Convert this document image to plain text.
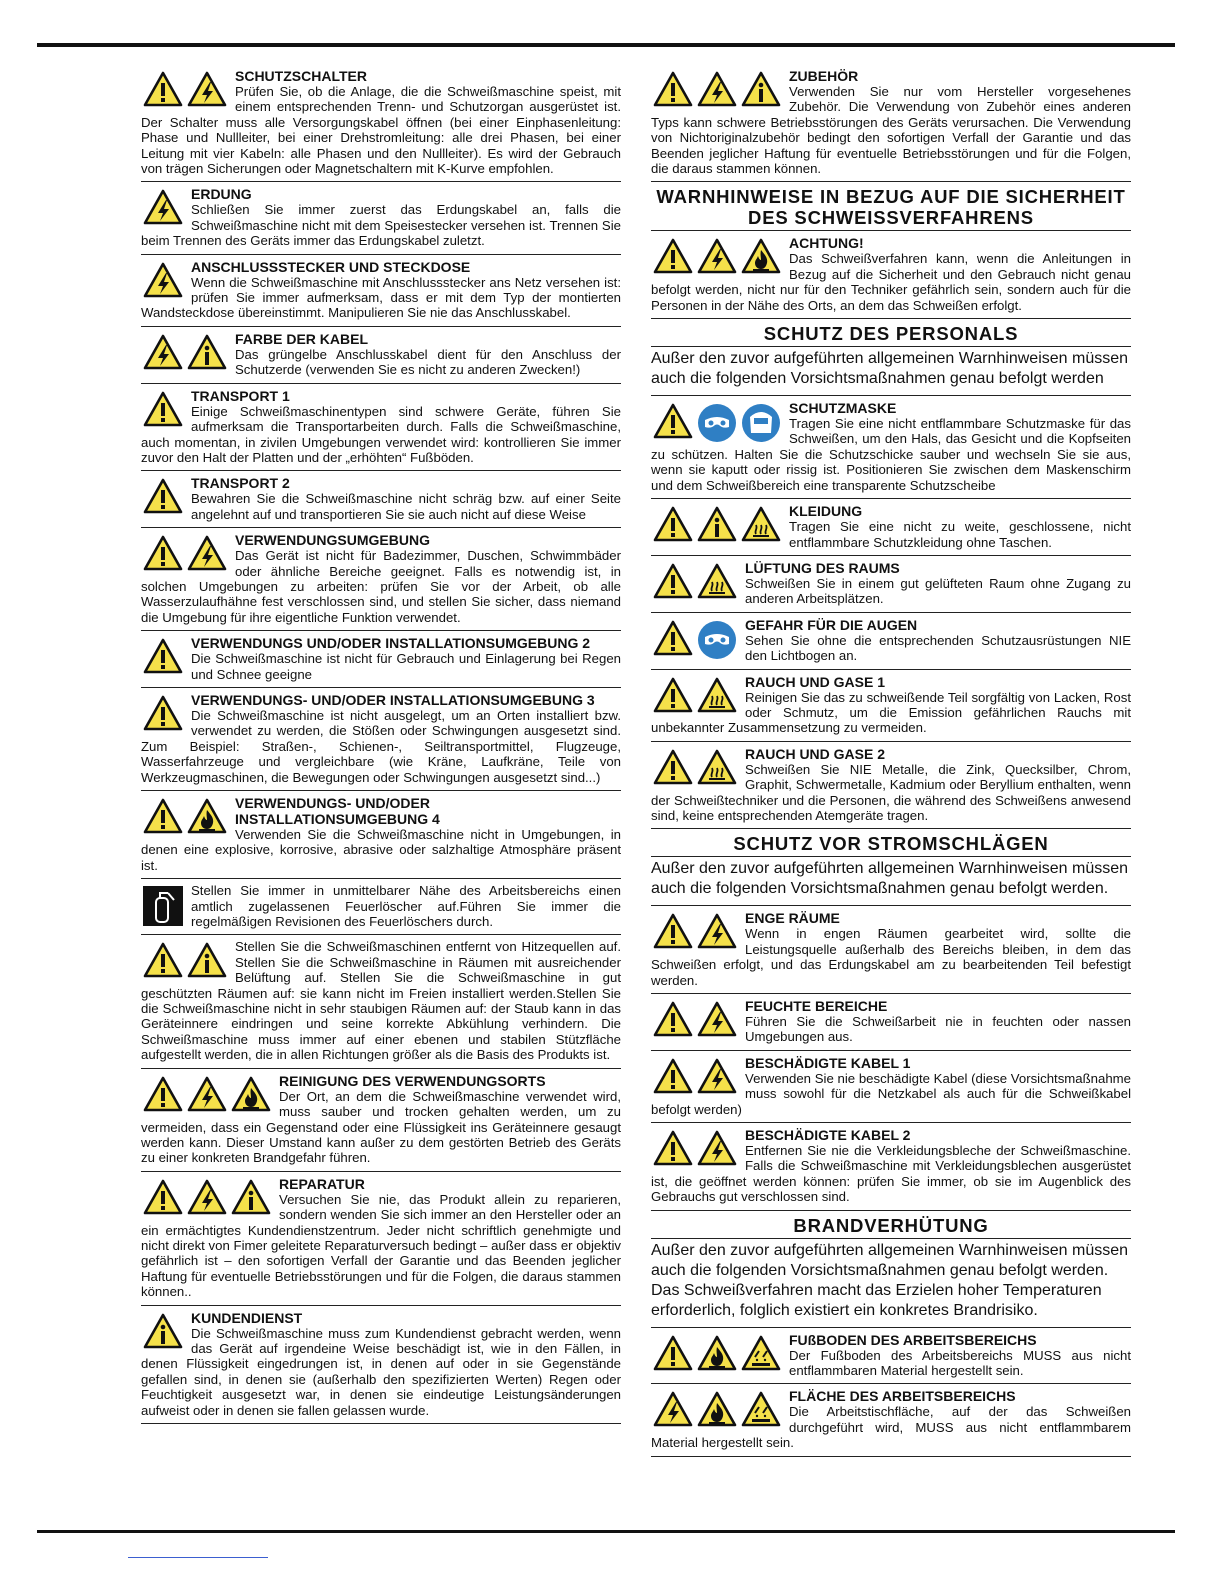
SCHUTZSCHALTER
Prüfen Sie, ob die Anlage, die die Schweißmaschine speist, mit einem entsprechenden Trenn- und Schutzorgan ausgerüstet ist. Der Schalter muss alle Versorgungskabel öffnen (bei einer Einphasenleitung: Phase und Nullleiter, bei einer Drehstromleitung: alle drei Phasen, bei einer Leitung mit vier Kabeln: alle Phasen und den Nullleiter). Es wird der Gebrauch von trägen Sicherungen oder Magnetschaltern mit K-Kurve empfohlen.
ERDUNG
Schließen Sie immer zuerst das Erdungskabel an, falls die Schweißmaschine nicht mit dem Speisestecker versehen ist. Trennen Sie beim Trennen des Geräts immer das Erdungskabel zuletzt.
ANSCHLUSSSTECKER UND STECKDOSE
Wenn die Schweißmaschine mit Anschlussstecker ans Netz versehen ist: prüfen Sie immer aufmerksam, dass er mit dem Typ der montierten Wandsteckdose übereinstimmt. Manipulieren Sie nie das Anschlusskabel.
FARBE DER KABEL
Das grüngelbe Anschlusskabel dient für den Anschluss der Schutzerde (verwenden Sie es nicht zu anderen Zwecken!)
TRANSPORT 1
Einige Schweißmaschinentypen sind schwere Geräte, führen Sie aufmerksam die Transportarbeiten durch. Falls die Schweißmaschine, auch momentan, in zivilen Umgebungen verwendet wird: kontrollieren Sie immer zuvor den Halt der Platten und der „erhöhten“ Fußböden.
TRANSPORT 2
Bewahren Sie die Schweißmaschine nicht schräg bzw. auf einer Seite angelehnt auf und transportieren Sie sie auch nicht auf diese Weise
VERWENDUNGSUMGEBUNG
Das Gerät ist nicht für Badezimmer, Duschen, Schwimmbäder oder ähnliche Bereiche geeignet. Falls es notwendig ist, in solchen Umgebungen zu arbeiten: prüfen Sie vor der Arbeit, ob alle Wasserzulaufhähne fest verschlossen sind, und stellen Sie sicher, dass niemand die Umgebung für ihre eigentliche Funktion verwendet.
VERWENDUNGS UND/ODER INSTALLATIONSUMGEBUNG 2
Die Schweißmaschine ist nicht für Gebrauch und Einlagerung bei Regen und Schnee geeigne
VERWENDUNGS- UND/ODER INSTALLATIONSUMGEBUNG 3
Die Schweißmaschine ist nicht ausgelegt, um an Orten installiert bzw. verwendet zu werden, die Stößen oder Schwingungen ausgesetzt sind. Zum Beispiel: Straßen-, Schienen-, Seiltransportmittel, Flugzeuge, Wasserfahrzeuge und vergleichbare (wie Kräne, Laufkräne, Teile von Werkzeugmaschinen, die Bewegungen oder Schwingungen ausgesetzt sind...)
VERWENDUNGS- UND/ODER INSTALLATIONSUMGEBUNG 4
Verwenden Sie die Schweißmaschine nicht in Umgebungen, in denen eine explosive, korrosive, abrasive oder salzhaltige Atmosphäre präsent ist.
Stellen Sie immer in unmittelbarer Nähe des Arbeitsbereichs einen amtlich zugelassenen Feuerlöscher auf.Führen Sie immer die regelmäßigen Revisionen des Feuerlöschers durch.
Stellen Sie die Schweißmaschinen entfernt von Hitzequellen auf. Stellen Sie die Schweißmaschine in Räumen mit ausreichender Belüftung auf. Stellen Sie die Schweißmaschine in gut geschützten Räumen auf: sie kann nicht im Freien installiert werden.Stellen Sie die Schweißmaschine nicht in sehr staubigen Räumen auf: der Staub kann in das Geräteinnere eindringen und seine korrekte Abkühlung verhindern. Die Schweißmaschine muss immer auf einer ebenen und stabilen Stützfläche aufgestellt werden, die in allen Richtungen größer als die Basis des Produkts ist.
REINIGUNG DES VERWENDUNGSORTS
Der Ort, an dem die Schweißmaschine verwendet wird, muss sauber und trocken gehalten werden, um zu vermeiden, dass ein Gegenstand oder eine Flüssigkeit ins Geräteinnere gesaugt werden kann. Dieser Umstand kann außer zu dem gestörten Betrieb des Geräts zu einer konkreten Brandgefahr führen.
REPARATUR
Versuchen Sie nie, das Produkt allein zu reparieren, sondern wenden Sie sich immer an den Hersteller oder an ein ermächtigtes Kundendienstzentrum. Jeder nicht schriftlich genehmigte und nicht direkt von Fimer geleitete Reparaturversuch bedingt – außer dass er objektiv gefährlich ist – den sofortigen Verfall der Garantie und das Beenden jeglicher Haftung für eventuelle Betriebsstörungen und für die Folgen, die daraus stammen können..
KUNDENDIENST
Die Schweißmaschine muss zum Kundendienst gebracht werden, wenn das Gerät auf irgendeine Weise beschädigt ist, wie in den Fällen, in denen Flüssigkeit eingedrungen ist, in denen auf oder in sie Gegenstände gefallen sind, in denen sie (außerhalb den spezifizierten Werten) Regen oder Feuchtigkeit ausgesetzt war, in denen sie eindeutige Leistungsänderungen aufweist oder in denen sie fallen gelassen wurde.
ZUBEHÖR
Verwenden Sie nur vom Hersteller vorgesehenes Zubehör. Die Verwendung von Zubehör eines anderen Typs kann schwere Betriebsstörungen des Geräts verursachen. Die Verwendung von Nichtoriginalzubehör bedingt den sofortigen Verfall der Garantie und das Beenden jeglicher Haftung für eventuelle Betriebsstörungen und für die Folgen, die daraus stammen können.
WARNHINWEISE IN BEZUG AUF DIE SICHERHEIT DES SCHWEISSVERFAHRENS
ACHTUNG!
Das Schweißverfahren kann, wenn die Anleitungen in Bezug auf die Sicherheit und den Gebrauch nicht genau befolgt werden, nicht nur für den Techniker gefährlich sein, sondern auch für die Personen in der Nähe des Orts, an dem das Schweißen erfolgt.
SCHUTZ DES PERSONALS
Außer den zuvor aufgeführten allgemeinen Warnhinweisen müssen auch die folgenden Vorsichtsmaßnahmen genau befolgt werden
SCHUTZMASKE
Tragen Sie eine nicht entflammbare Schutzmaske für das Schweißen, um den Hals, das Gesicht und die Kopfseiten zu schützen. Halten Sie die Schutzschicke sauber und wechseln Sie sie aus, wenn sie kaputt oder rissig ist. Positionieren Sie zwischen dem Maskenschirm und dem Schweißbereich eine transparente Schutzscheibe
KLEIDUNG
Tragen Sie eine nicht zu weite, geschlossene, nicht entflammbare Schutzkleidung ohne Taschen.
LÜFTUNG DES RAUMS
Schweißen Sie in einem gut gelüfteten Raum ohne Zugang zu anderen Arbeitsplätzen.
GEFAHR FÜR DIE AUGEN
Sehen Sie ohne die entsprechenden Schutzausrüstungen NIE den Lichtbogen an.
RAUCH UND GASE 1
Reinigen Sie das zu schweißende Teil sorgfältig von Lacken, Rost oder Schmutz, um die Emission gefährlichen Rauchs mit unbekannter Zusammensetzung zu vermeiden.
RAUCH UND GASE 2
Schweißen Sie NIE Metalle, die Zink, Quecksilber, Chrom, Graphit, Schwermetalle, Kadmium oder Beryllium enthalten, wenn der Schweißtechniker und die Personen, die während des Schweißens anwesend sind, keine entsprechenden Atemgeräte tragen.
SCHUTZ VOR STROMSCHLÄGEN
Außer den zuvor aufgeführten allgemeinen Warnhinweisen müssen auch die folgenden Vorsichtsmaßnahmen genau befolgt werden.
ENGE RÄUME
Wenn in engen Räumen gearbeitet wird, sollte die Leistungsquelle außerhalb des Bereichs bleiben, in dem das Schweißen erfolgt, und das Erdungskabel am zu bearbeitenden Teil befestigt werden.
FEUCHTE BEREICHE
Führen Sie die Schweißarbeit nie in feuchten oder nassen Umgebungen aus.
BESCHÄDIGTE KABEL 1
Verwenden Sie nie beschädigte Kabel (diese Vorsichtsmaßnahme muss sowohl für die Netzkabel als auch für die Schweißkabel befolgt werden)
BESCHÄDIGTE KABEL 2
Entfernen Sie nie die Verkleidungsbleche der Schweißmaschine. Falls die Schweißmaschine mit Verkleidungsblechen ausgerüstet ist, die geöffnet werden können: prüfen Sie immer, ob sie im Augenblick des Gebrauchs gut verschlossen sind.
BRANDVERHÜTUNG
Außer den zuvor aufgeführten allgemeinen Warnhinweisen müssen auch die folgenden Vorsichtsmaßnahmen genau befolgt werden. Das Schweißverfahren macht das Erzielen hoher Temperaturen erforderlich, folglich existiert ein konkretes Brandrisiko.
FUßBODEN DES ARBEITSBEREICHS
Der Fußboden des Arbeitsbereichs MUSS aus nicht entflammbaren Material hergestellt sein.
FLÄCHE DES ARBEITSBEREICHS
Die Arbeitstischfläche, auf der das Schweißen durchgeführt wird, MUSS aus nicht entflammbarem Material hergestellt sein.
